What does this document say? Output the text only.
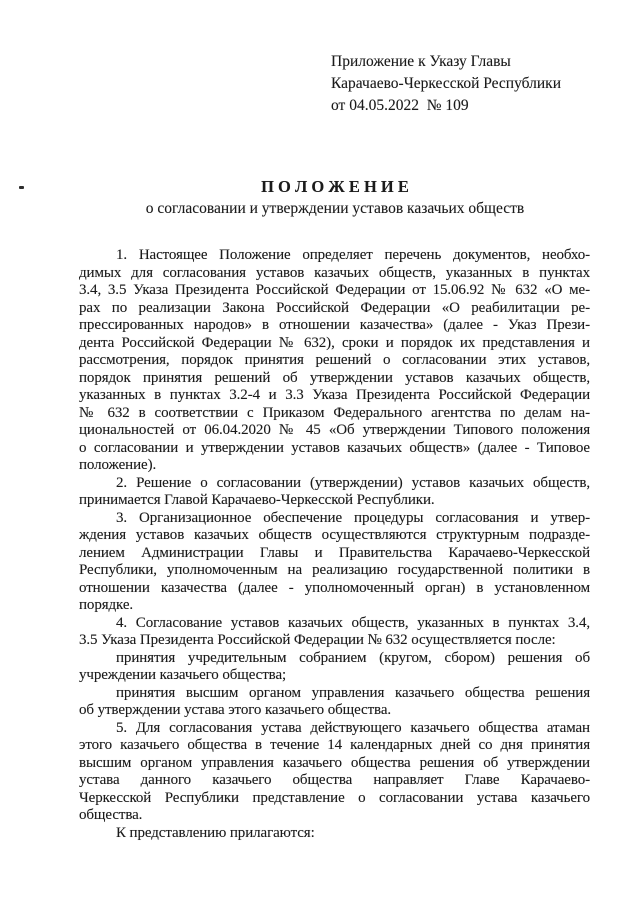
Приложение к Указу Главы
Карачаево-Черкесской Республики
от 04.05.2022  № 109
П О Л О Ж Е Н И Е
о согласовании и утверждении уставов казачьих обществ
1. Настоящее Положение определяет перечень документов, необхо-
димых для согласования уставов казачьих обществ, указанных в пунктах
3.4, 3.5 Указа Президента Российской Федерации от 15.06.92 № 632 «О ме-
рах по реализации Закона Российской Федерации «О реабилитации ре-
прессированных народов» в отношении казачества» (далее - Указ Прези-
дента Российской Федерации № 632), сроки и порядок их представления и
рассмотрения, порядок принятия решений о согласовании этих уставов,
порядок принятия решений об утверждении уставов казачьих обществ,
указанных в пунктах 3.2-4 и 3.3 Указа Президента Российской Федерации
№ 632 в соответствии с Приказом Федерального агентства по делам на-
циональностей от 06.04.2020 № 45 «Об утверждении Типового положения
о согласовании и утверждении уставов казачьих обществ» (далее - Типовое
положение).
2. Решение о согласовании (утверждении) уставов казачьих обществ,
принимается Главой Карачаево-Черкесской Республики.
3. Организационное обеспечение процедуры согласования и утвер-
ждения уставов казачьих обществ осуществляются структурным подразде-
лением Администрации Главы и Правительства Карачаево-Черкесской
Республики, уполномоченным на реализацию государственной политики в
отношении казачества (далее - уполномоченный орган) в установленном
порядке.
4. Согласование уставов казачьих обществ, указанных в пунктах 3.4,
3.5 Указа Президента Российской Федерации № 632 осуществляется после:
принятия учредительным собранием (кругом, сбором) решения об
учреждении казачьего общества;
принятия высшим органом управления казачьего общества решения
об утверждении устава этого казачьего общества.
5. Для согласования устава действующего казачьего общества атаман
этого казачьего общества в течение 14 календарных дней со дня принятия
высшим органом управления казачьего общества решения об утверждении
устава данного казачьего общества направляет Главе Карачаево-
Черкесской Республики представление о согласовании устава казачьего
общества.
К представлению прилагаются:
